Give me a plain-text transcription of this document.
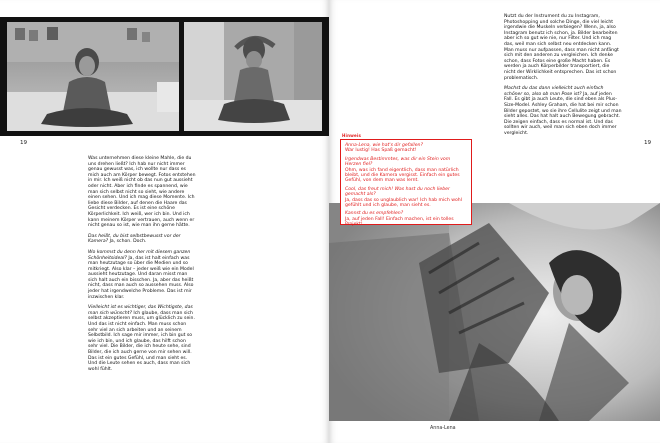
19

Was unternehmen diese kleine Mahle, die du uns drehen ließt? Ich hab nur nicht immer genau gewusst was, ich wollte nur dass es mich auch am Körper bewegt. Fotos entstehen in mir. Ich weiß nicht ob das nun gut aussieht oder nicht. Aber ich finde es spannend, wie man sich selbst nicht so sieht, wie andere einen sehen. Und ich mag diese Momente. Ich liebe diese Bilder, auf denen die Haare das Gesicht verdecken. Es ist eine schöne Körperlichkeit. Ich weiß, wer ich bin. Und ich kann meinem Körper vertrauen, auch wenn er nicht genau so ist, wie man ihn gerne hätte.

Das heißt, du bist selbstbewusst vor der Kamera? Ja, schon. Doch.

Wo kommst du denn her mit diesem ganzen Schönheitsideal? Ja, das ist halt einfach was man heutzutage so über die Medien und so mitkriegt. Also klar – jeder weiß wie ein Model aussieht heutzutage. Und daran misst man sich halt auch ein bisschen. Ja, aber das heißt nicht, dass man auch so aussehen muss. Also jeder hat irgendwelche Probleme. Das ist mir inzwischen klar.

Vielleicht ist es wichtiger, das Wichtigste, das man sich wünscht? Ich glaube, dass man sich selbst akzeptieren muss, um glücklich zu sein. Und das ist nicht einfach. Man muss schon sehr viel an sich arbeiten und an seinem Selbstbild. Ich sage mir immer, ich bin gut so wie ich bin, und ich glaube, das hilft schon sehr viel. Die Bilder, die ich heute sehe, sind Bilder, die ich auch gerne von mir sehen will. Das ist ein gutes Gefühl, und man sieht es. Und die Leute sehen es auch, dass man sich wohl fühlt.

Nutzt du der Instrument du zu Instagram, Photoshopping und solche Dinge, die viel leicht irgendwie die Muskeln verbiegen? Wenn, ja, also Instagram benutz ich schon, ja. Bilder bearbeiten aber ich so gut wie nie, nur Filter. Und ich mag das, weil man sich selbst neu entdecken kann. Man muss nur aufpassen, dass man nicht anfängt sich mit den anderen zu vergleichen. Ich denke schon, dass Fotos eine große Macht haben. Es werden ja auch Körperbilder transportiert, die nicht der Wirklichkeit entsprechen. Das ist schon problematisch.

Machst du das dann vielleicht auch einfach schöner so, also ob man Pose ist? Ja, auf jeden Fall. Es gibt ja auch Leute, die sind eben als Plus-Size-Model. Ashley Graham, die hat bei mir schon Bilder gepostet, wo sie ihre Cellulite zeigt und man sieht alles. Das hat halt auch Bewegung gebracht. Die zeigen einfach, dass es normal ist. Und das sollten wir auch, weil man sich eben doch immer vergleicht.

19
Anna-Lena
Hinweis

Anna-Lena, wie hat's dir gefallen?
War lustig! Has Spaß gemacht!

Irgendwas Bestimmtes, was dir ein Stein vom Herzen fiel?
Ohm, was ich fand eigentlich, dass man natürlich bleibt, und die Kamera vergisst. Einfach ein gutes Gefühl, von dem man was lernt.

Cool, das freut mich! Was hast du noch lieber gemacht als?
Ja, dass das so unglaublich war! Ich hab mich wohl gefühlt und ich glaube, man sieht es.

Kannst du es empfehlen?
Ja, auf jeden Fall! Einfach machen, ist ein tolles Projekt!
